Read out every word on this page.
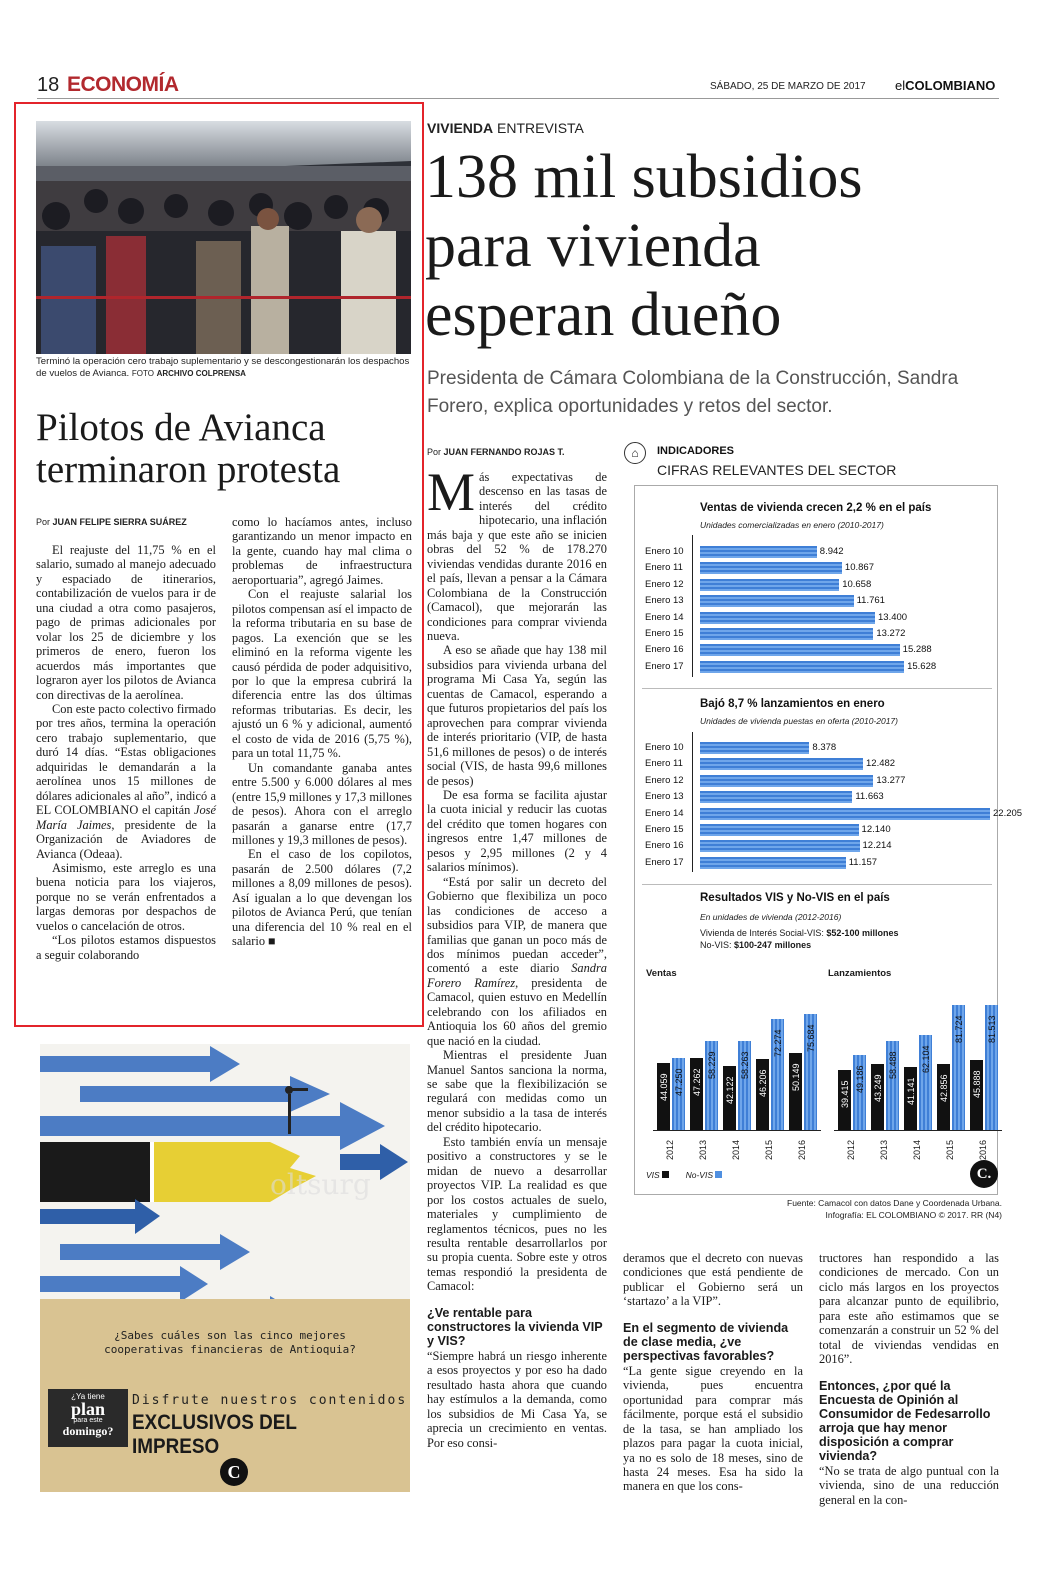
18 ECONOMÍA	SÁBADO, 25 DE MARZO DE 2017 elCOLOMBIANO
Terminó la operación cero trabajo suplementario y se descongestionarán los despachos de vuelos de Avianca. FOTO ARCHIVO COLPRENSA
Pilotos de Avianca terminaron protesta
Por JUAN FELIPE SIERRA SUÁREZ

El reajuste del 11,75 % en el salario, sumado al manejo adecuado y espaciado de itinerarios, contabilización de vuelos para ir de una ciudad a otra como pasajeros, pago de primas adicionales por volar los 25 de diciembre y los primeros de enero, fueron los acuerdos más importantes que lograron ayer los pilotos de Avianca con directivas de la aerolínea.

Con este pacto colectivo firmado por tres años, termina la operación cero trabajo suplementario, que duró 14 días. “Estas obligaciones adquiridas le demandarán a la aerolínea unos 15 millones de dólares adicionales al año”, indicó a EL COLOMBIANO el capitán José María Jaimes, presidente de la Organización de Aviadores de Avianca (Odeaa).

Asimismo, este arreglo es una buena noticia para los viajeros, porque no se verán enfrentados a largas demoras por despachos de vuelos o cancelación de otros.

“Los pilotos estamos dispuestos a seguir colaborando

como lo hacíamos antes, incluso garantizando un menor impacto en la gente, cuando hay mal clima o problemas de infraestructura aeroportuaria”, agregó Jaimes.

Con el reajuste salarial los pilotos compensan así el impacto de la reforma tributaria en su base de pagos. La exención que se les eliminó en la reforma vigente les causó pérdida de poder adquisitivo, por lo que la empresa cubrirá la diferencia entre las dos últimas reformas tributarias. Es decir, les ajustó un 6 % y adicional, aumentó el costo de vida de 2016 (5,75 %), para un total 11,75 %.

Un comandante ganaba antes entre 5.500 y 6.000 dólares al mes (entre 15,9 millones y 17,3 millones de pesos). Ahora con el arreglo pasarán a ganarse entre (17,7 millones y 19,3 millones de pesos).

En el caso de los copilotos, pasarán de 2.500 dólares (7,2 millones a 8,09 millones de pesos). Así igualan a lo que devengan los pilotos de Avianca Perú, que tenían una diferencia del 10 % real en el salario ■

oltsurg
¿Sabes cuáles son las cinco mejores cooperativas financieras de Antioquia?
¿Ya tiene
plan
para este
domingo?
Disfrute nuestros contenidos
EXCLUSIVOS DEL IMPRESO
C
VIVIENDA ENTREVISTA
138 mil subsidios
para vivienda
esperan dueño
Presidenta de Cámara Colombiana de la Construcción, Sandra Forero, explica oportunidades y retos del sector.
Por JUAN FERNANDO ROJAS T.

Más expectativas de descenso en las tasas de interés del crédito hipotecario, una inflación más baja y que este año se inicien obras del 52 % de 178.270 viviendas vendidas durante 2016 en el país, llevan a pensar a la Cámara Colombiana de la Construcción (Camacol), que mejorarán las condiciones para comprar vivienda nueva.

A eso se añade que hay 138 mil subsidios para vivienda urbana del programa Mi Casa Ya, según las cuentas de Camacol, esperando a que futuros propietarios del país los aprovechen para comprar vivienda de interés prioritario (VIP, de hasta 51,6 millones de pesos) o de interés social (VIS, de hasta 99,6 millones de pesos)

De esa forma se facilita ajustar la cuota inicial y reducir las cuotas del crédito que tomen hogares con ingresos entre 1,47 millones de pesos y 2,95 millones (2 y 4 salarios mínimos).

“Está por salir un decreto del Gobierno que flexibiliza un poco las condiciones de acceso a subsidios para VIP, de manera que familias que ganan un poco más de dos mínimos puedan acceder”, comentó a este diario Sandra Forero Ramírez, presidenta de Camacol, quien estuvo en Medellín celebrando con los afiliados en Antioquia los 60 años del gremio que nació en la ciudad.

Mientras el presidente Juan Manuel Santos sanciona la norma, se sabe que la flexibilización se regulará con medidas como un menor subsidio a la tasa de interés del crédito hipotecario.

Esto también envía un mensaje positivo a constructores y se le midan de nuevo a desarrollar proyectos VIP. La realidad es que por los costos actuales de suelo, materiales y cumplimiento de reglamentos técnicos, pues no les resulta rentable desarrollarlos por su propia cuenta. Sobre este y otros temas respondió la presidenta de Camacol:

¿Ve rentable para constructores la vivienda VIP y VIS?

“Siempre habrá un riesgo inherente a esos proyectos y por eso ha dado resultado hasta ahora que cuando hay estímulos a la demanda, como los subsidios de Mi Casa Ya, se aprecia un crecimiento en ventas. Por eso consi-

deramos que el decreto con nuevas condiciones que está pendiente de publicar el Gobierno será un ‘startazo’ a la VIP”.

En el segmento de vivienda de clase media, ¿ve perspectivas favorables?

“La gente sigue creyendo en la vivienda, pues encuentra oportunidad para comprar más fácilmente, porque está el subsidio de la tasa, se han ampliado los plazos para pagar la cuota inicial, ya no es solo de 18 meses, sino de hasta 24 meses. Esa ha sido la manera en que los cons-

tructores han respondido a las condiciones de mercado. Con un ciclo más largos en los proyectos para alcanzar punto de equilibrio, para este año estimamos que se comenzarán a construir un 52 % del total de viviendas vendidas en 2016”.

Entonces, ¿por qué la Encuesta de Opinión al Consumidor de Fedesarrollo arroja que hay menor disposición a comprar vivienda?

“No se trata de algo puntual con la vivienda, sino de una reducción general en la con-

⌂	INDICADORES
CIFRAS RELEVANTES DEL SECTOR
Ventas de vivienda crecen 2,2 % en el país
Unidades comercializadas en enero (2010-2017)
Enero 10	8.942
Enero 11	10.867
Enero 12	10.658
Enero 13	11.761
Enero 14	13.400
Enero 15	13.272
Enero 16	15.288
Enero 17	15.628
Bajó 8,7 % lanzamientos en enero
Unidades de vivienda puestas en oferta (2010-2017)
Enero 10	8.378
Enero 11	12.482
Enero 12	13.277
Enero 13	11.663
Enero 14	22.205
Enero 15	12.140
Enero 16	12.214
Enero 17	11.157
Resultados VIS y No-VIS en el país
En unidades de vivienda (2012-2016)
Vivienda de Interés Social-VIS: $52-100 millones
No-VIS: $100-247 millones
Ventas	Lanzamientos
44.059 47.250
2012
47.262
58.229
2013
42.122
58.263
2014
46.206
72.274
2015
50.149
75.684
2016
39.415
49.186
2012
43.249
58.488
2013
41.141
62.104
2014
42.856
81.724
2015
45.888
81.513
2016
VIS	No-VIS	C.
Fuente: Camacol con datos Dane y Coordenada Urbana.
Infografía: EL COLOMBIANO © 2017. RR (N4)
